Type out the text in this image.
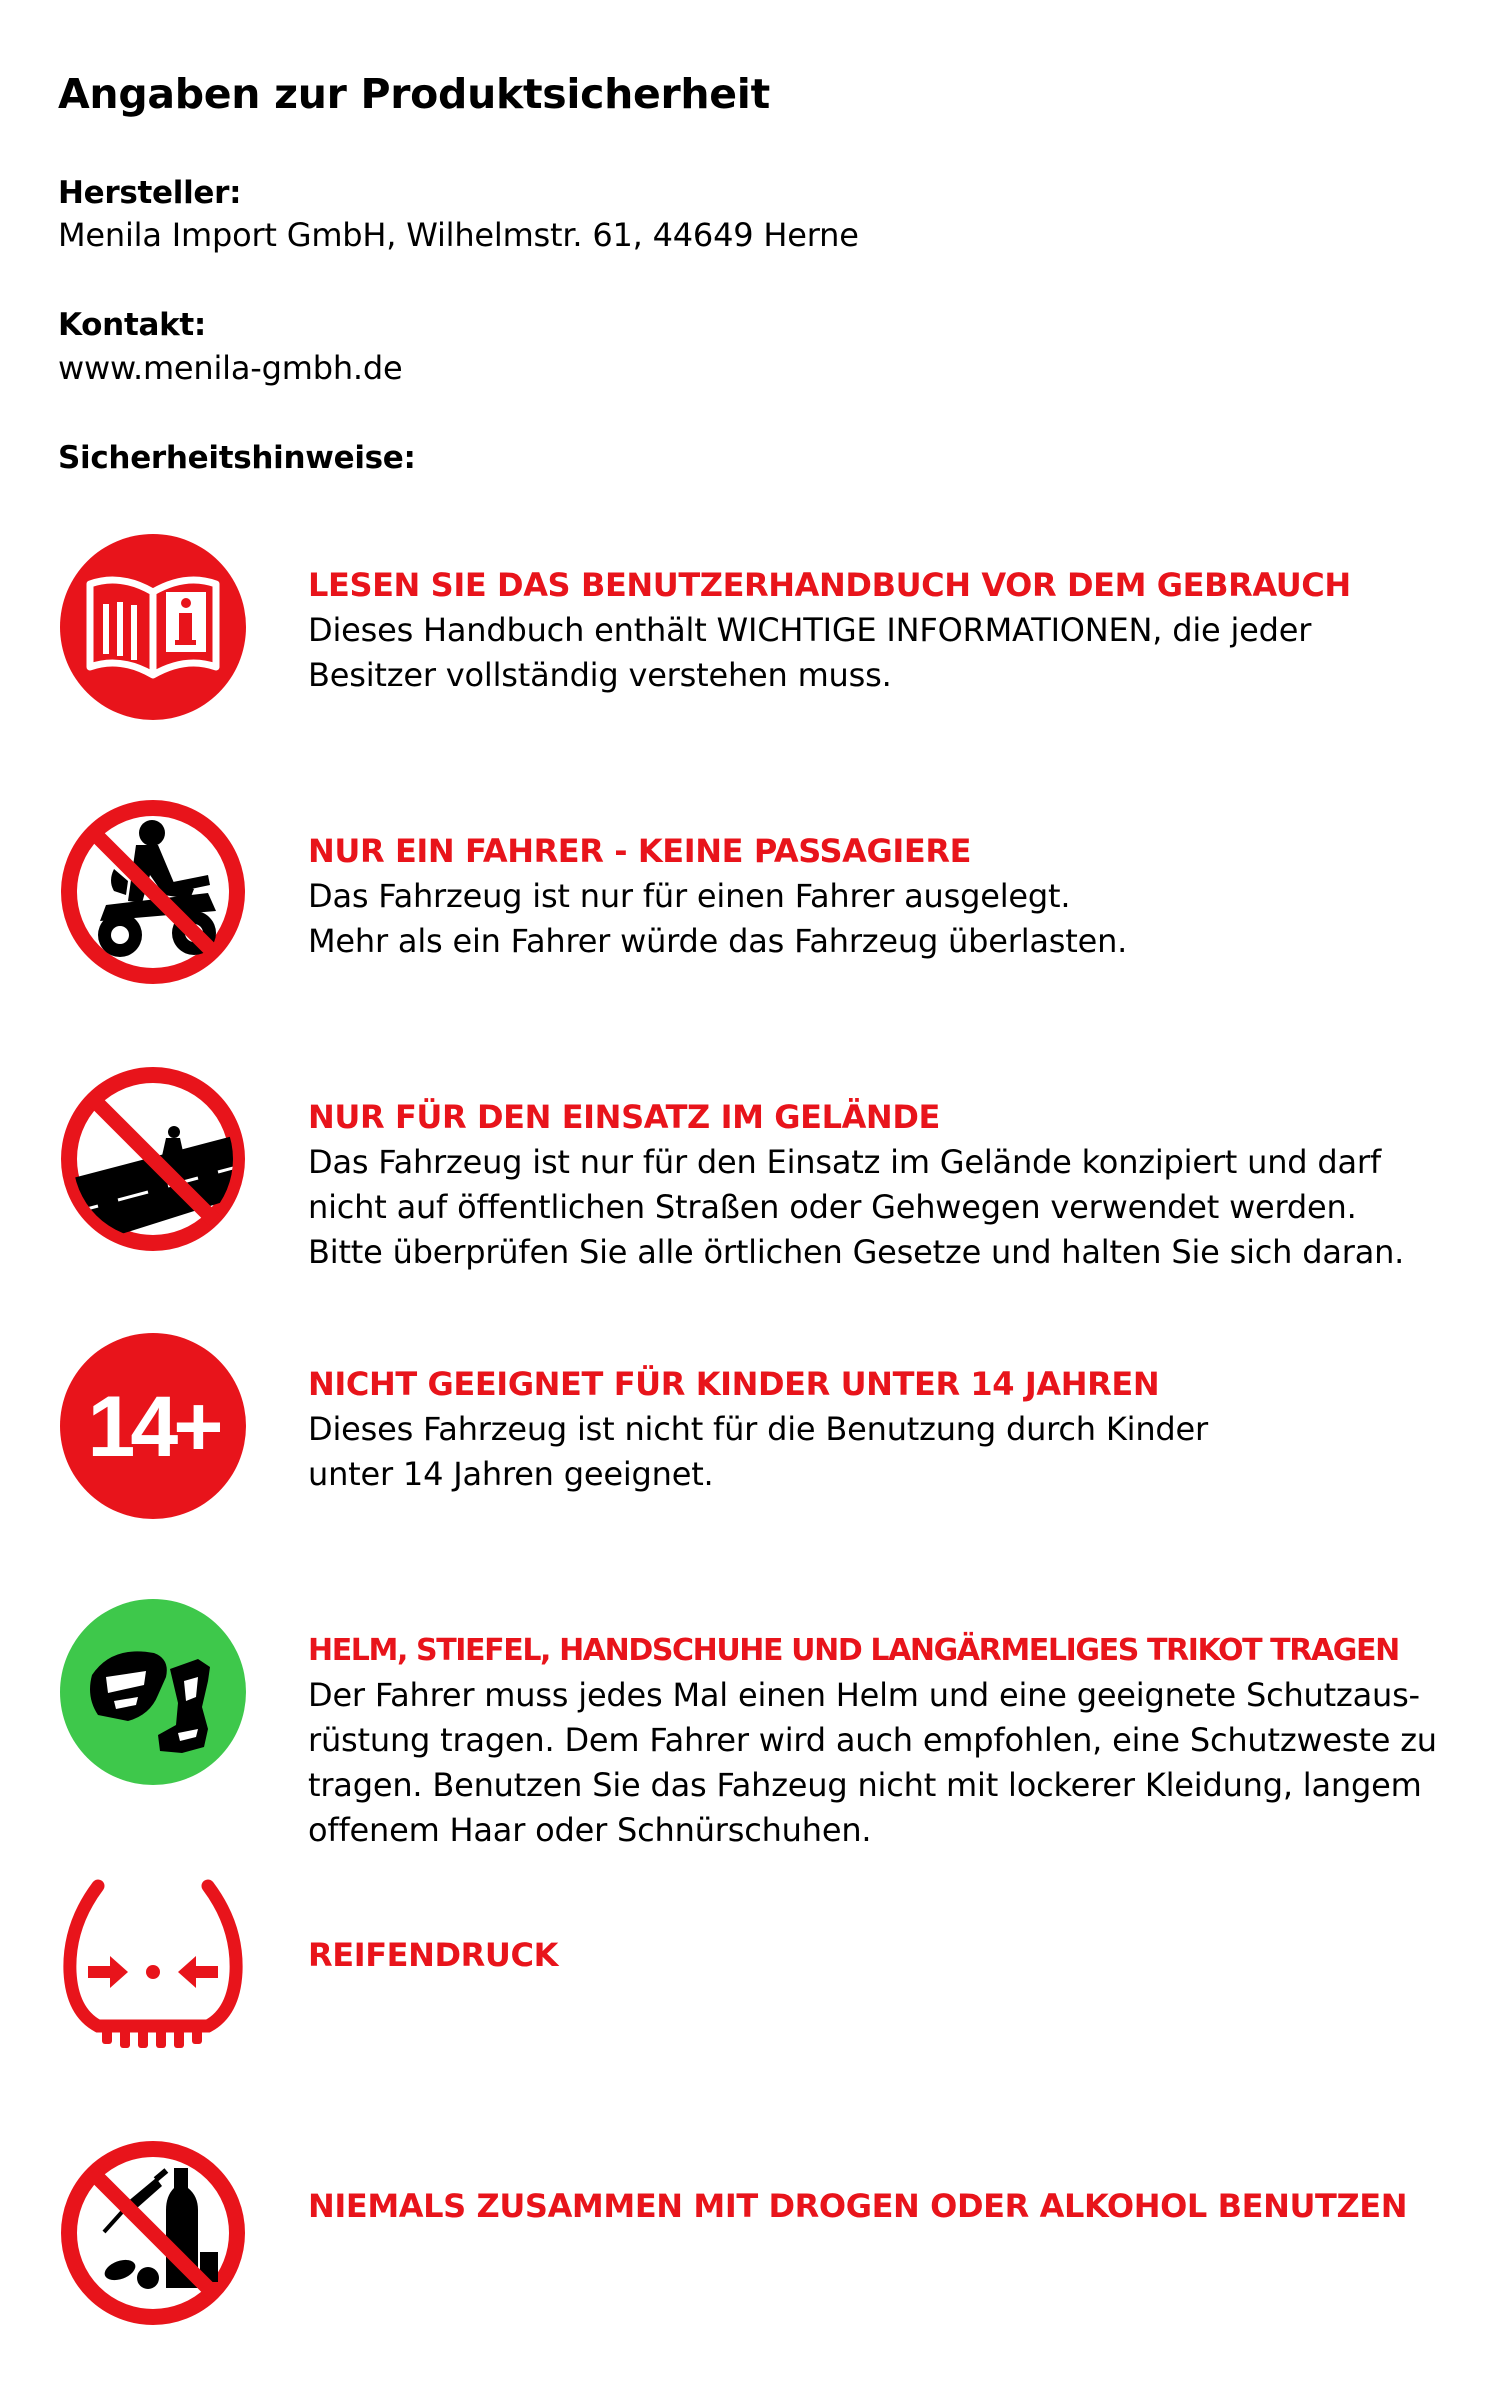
Angaben zur Produktsicherheit
Hersteller:
Menila Import GmbH, Wilhelmstr. 61, 44649 Herne
Kontakt:
www.menila-gmbh.de
Sicherheitshinweise:
LESEN SIE DAS BENUTZERHANDBUCH VOR DEM GEBRAUCH
Dieses Handbuch enthält WICHTIGE INFORMATIONEN, die jeder
Besitzer vollständig verstehen muss.
NUR EIN FAHRER - KEINE PASSAGIERE
Das Fahrzeug ist nur für einen Fahrer ausgelegt.
Mehr als ein Fahrer würde das Fahrzeug überlasten.
NUR FÜR DEN EINSATZ IM GELÄNDE
Das Fahrzeug ist nur für den Einsatz im Gelände konzipiert und darf
nicht auf öffentlichen Straßen oder Gehwegen verwendet werden.
Bitte überprüfen Sie alle örtlichen Gesetze und halten Sie sich daran.
14+	NICHT GEEIGNET FÜR KINDER UNTER 14 JAHREN
Dieses Fahrzeug ist nicht für die Benutzung durch Kinder
unter 14 Jahren geeignet.
HELM, STIEFEL, HANDSCHUHE UND LANGÄRMELIGES TRIKOT TRAGEN
Der Fahrer muss jedes Mal einen Helm und eine geeignete Schutzaus-
rüstung tragen. Dem Fahrer wird auch empfohlen, eine Schutzweste zu
tragen. Benutzen Sie das Fahzeug nicht mit lockerer Kleidung, langem
offenem Haar oder Schnürschuhen.
REIFENDRUCK
NIEMALS ZUSAMMEN MIT DROGEN ODER ALKOHOL BENUTZEN
